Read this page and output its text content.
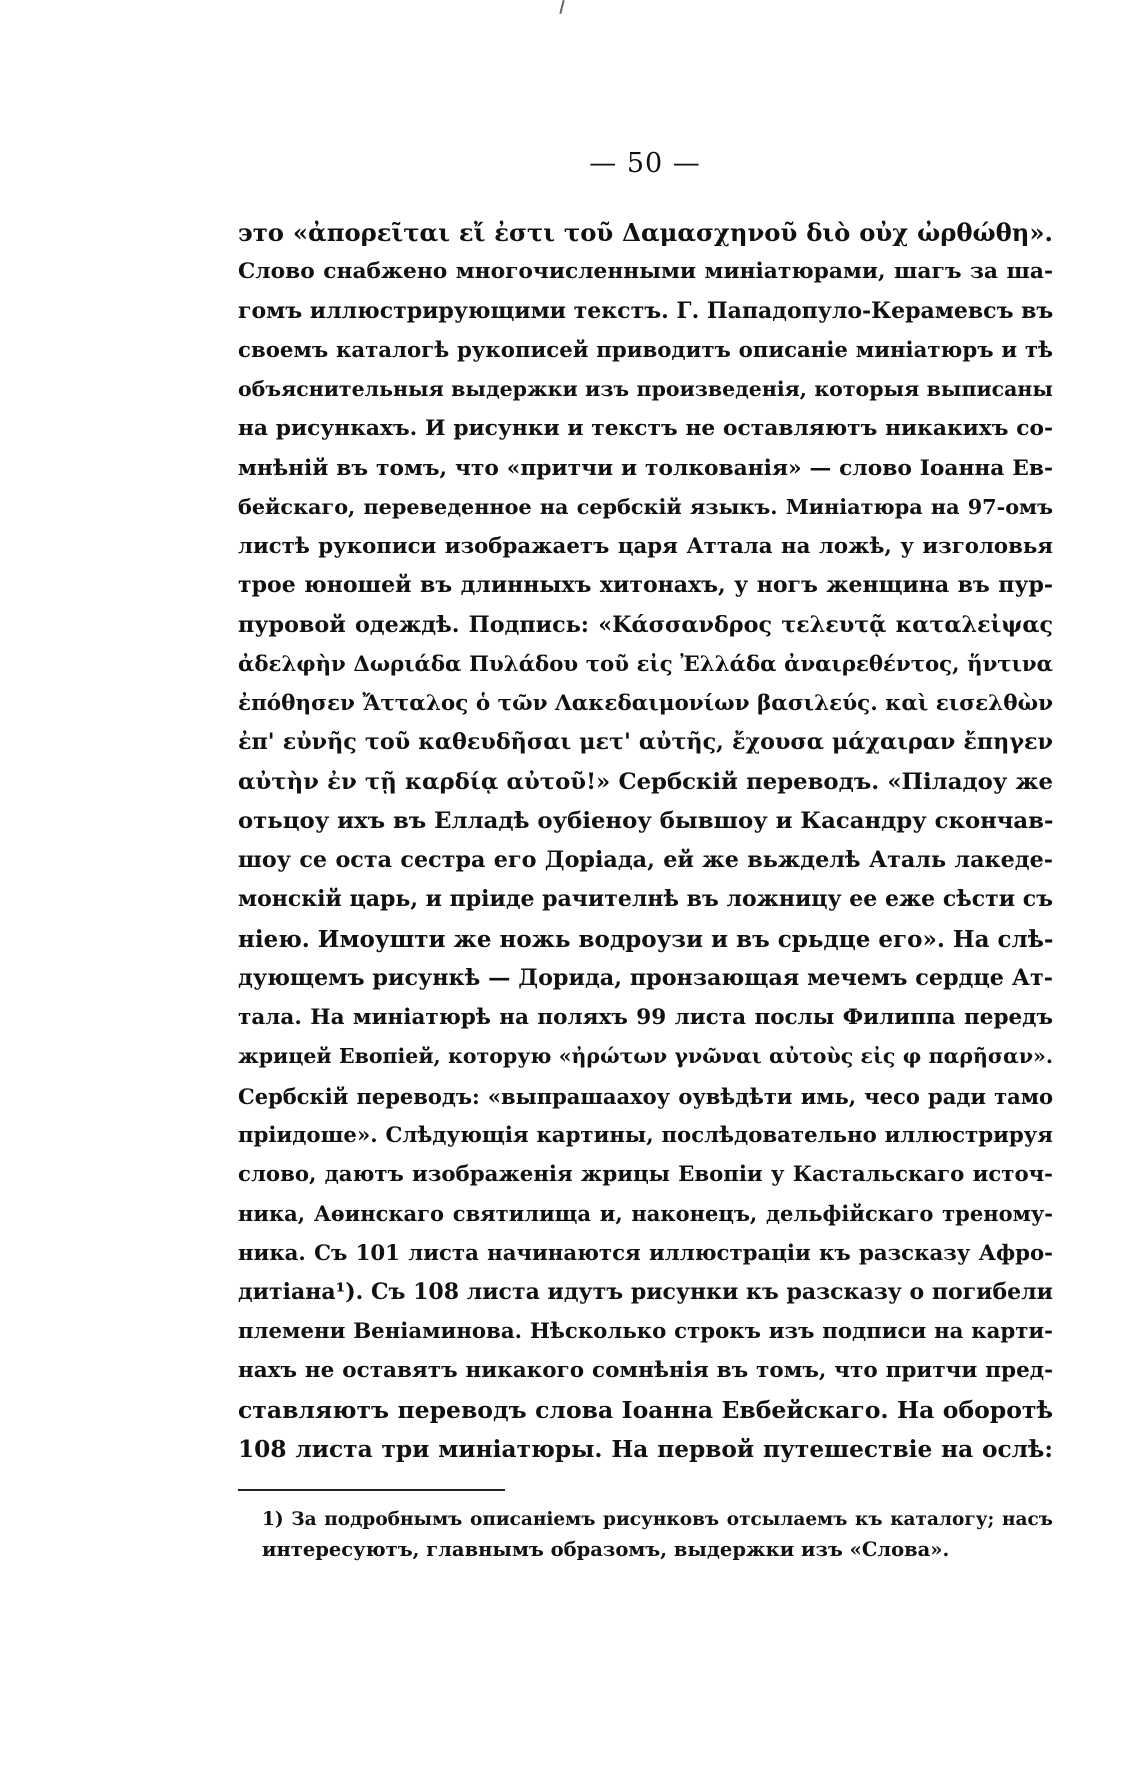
— 50 —
это «ἀπορεῖται εἴ ἐστι τοῦ Δαμασχηνοῦ διὸ οὐχ ὠρθώθη».
Слово снабжено многочисленными миніатюрами, шагъ за ша-
гомъ иллюстрирующими текстъ. Г. Пападопуло-Керамевсъ въ
своемъ каталогѣ рукописей приводитъ описаніе миніатюръ и тѣ
объяснительныя выдержки изъ произведенія, которыя выписаны
на рисункахъ. И рисунки и текстъ не оставляютъ никакихъ со-
мнѣній въ томъ, что «притчи и толкованія» — слово Іоанна Ев-
бейскаго, переведенное на сербскій языкъ. Миніатюра на 97-омъ
листѣ рукописи изображаетъ царя Аттала на ложѣ, у изголовья
трое юношей въ длинныхъ хитонахъ, у ногъ женщина въ пур-
пуровой одеждѣ. Подпись: «Κάσσανδρος τελευτᾷ καταλεἰψας
ἀδελφὴν Δωριάδα Πυλάδου τοῦ εἰς Ἐλλάδα ἀναιρεθέντος, ἥντινα
ἐπόθησεν Ἄτταλος ὁ τῶν Λακεδαιμονίων βασιλεύς. καὶ εισελθὼν
ἐπ' εὐνῆς τοῦ καθευδῆσαι μετ' αὐτῆς, ἔχουσα μάχαιραν ἔπηγεν
αὐτὴν ἐν τῇ καρδίᾳ αὐτοῦ!» Сербскій переводъ. «Піладоу же
отьцоу ихъ въ Елладѣ оубіеноу бывшоу и Касандру скончав-
шоу се оста сестра его Доріада, ей же вьжделѣ Аталь лакеде-
монскій царь, и пріиде рачителнѣ въ ложницу ее еже сѣсти съ
ніею. Имоушти же ножь водроузи и въ срьдце его». На слѣ-
дующемъ рисункѣ — Дорида, пронзающая мечемъ сердце Ат-
тала. На миніатюрѣ на поляхъ 99 листа послы Филиппа передъ
жрицей Евопіей, которую «ἠρώτων γνῶναι αὐτοὺς εἰς φ παρῆσαν».
Сербскій переводъ: «выпрашаахоу оувѣдѣти имь, чесо ради тамо
пріидоше». Слѣдующія картины, послѣдовательно иллюстрируя
слово, даютъ изображенія жрицы Евопіи у Кастальскаго источ-
ника, Аѳинскаго святилища и, наконецъ, дельфійскаго треному-
ника. Съ 101 листа начинаются иллюстраціи къ разсказу Афро-
дитіана¹). Съ 108 листа идутъ рисунки къ разсказу о погибели
племени Веніаминова. Нѣсколько строкъ изъ подписи на карти-
нахъ не оставятъ никакого сомнѣнія въ томъ, что притчи пред-
ставляютъ переводъ слова Іоанна Евбейскаго. На оборотѣ
108 листа три миніатюры. На первой путешествіе на ослѣ:
1) За подробнымъ описаніемъ рисунковъ отсылаемъ къ каталогу; насъ
интересуютъ, главнымъ образомъ, выдержки изъ «Слова».
